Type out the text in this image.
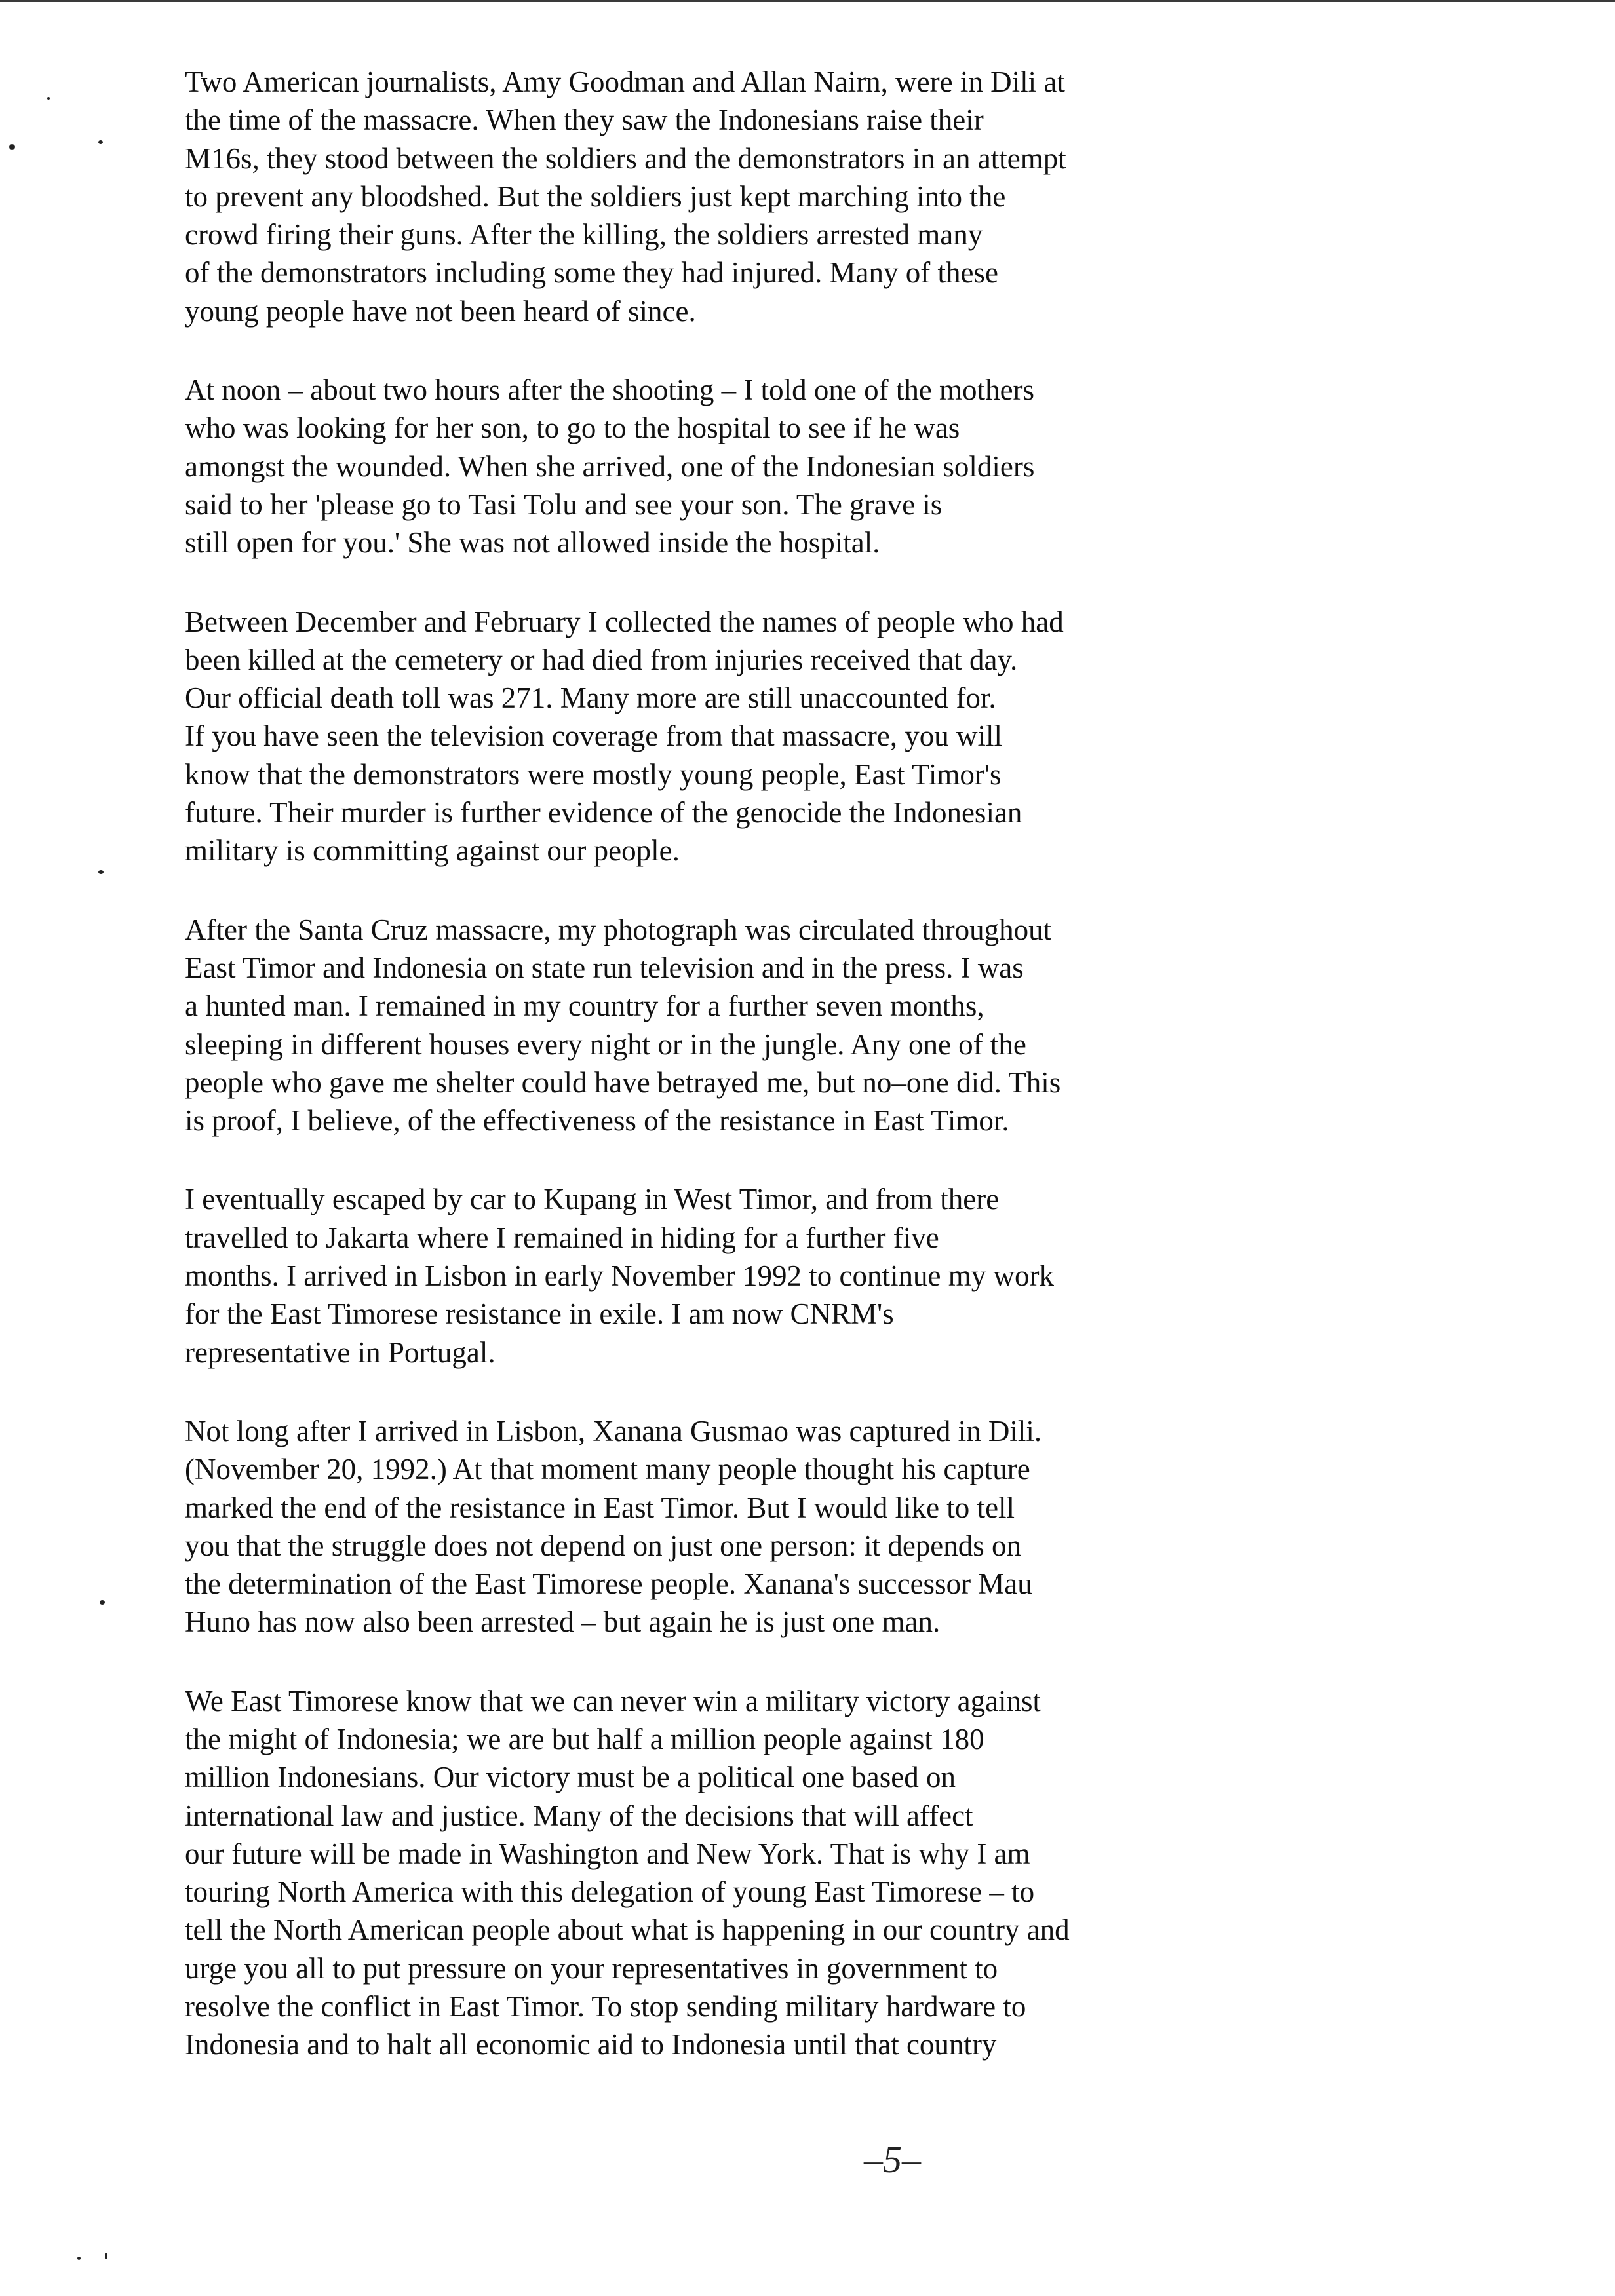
Two American journalists, Amy Goodman and Allan Nairn, were in Dili at
the time of the massacre. When they saw the Indonesians raise their
M16s, they stood between the soldiers and the demonstrators in an attempt
to prevent any bloodshed. But the soldiers just kept marching into the
crowd firing their guns. After the killing, the soldiers arrested many
of the demonstrators including some they had injured. Many of these
young people have not been heard of since.
At noon – about two hours after the shooting – I told one of the mothers
who was looking for her son, to go to the hospital to see if he was
amongst the wounded. When she arrived, one of the Indonesian soldiers
said to her 'please go to Tasi Tolu and see your son. The grave is
still open for you.' She was not allowed inside the hospital.
Between December and February I collected the names of people who had
been killed at the cemetery or had died from injuries received that day.
Our official death toll was 271. Many more are still unaccounted for.
If you have seen the television coverage from that massacre, you will
know that the demonstrators were mostly young people, East Timor's
future. Their murder is further evidence of the genocide the Indonesian
military is committing against our people.
After the Santa Cruz massacre, my photograph was circulated throughout
East Timor and Indonesia on state run television and in the press. I was
a hunted man. I remained in my country for a further seven months,
sleeping in different houses every night or in the jungle. Any one of the
people who gave me shelter could have betrayed me, but no–one did. This
is proof, I believe, of the effectiveness of the resistance in East Timor.
I eventually escaped by car to Kupang in West Timor, and from there
travelled to Jakarta where I remained in hiding for a further five
months. I arrived in Lisbon in early November 1992 to continue my work
for the East Timorese resistance in exile. I am now CNRM's
representative in Portugal.
Not long after I arrived in Lisbon, Xanana Gusmao was captured in Dili.
(November 20, 1992.) At that moment many people thought his capture
marked the end of the resistance in East Timor. But I would like to tell
you that the struggle does not depend on just one person: it depends on
the determination of the East Timorese people. Xanana's successor Mau
Huno has now also been arrested – but again he is just one man.
We East Timorese know that we can never win a military victory against
the might of Indonesia; we are but half a million people against 180
million Indonesians. Our victory must be a political one based on
international law and justice. Many of the decisions that will affect
our future will be made in Washington and New York. That is why I am
touring North America with this delegation of young East Timorese – to
tell the North American people about what is happening in our country and
urge you all to put pressure on your representatives in government to
resolve the conflict in East Timor. To stop sending military hardware to
Indonesia and to halt all economic aid to Indonesia until that country
–5–
